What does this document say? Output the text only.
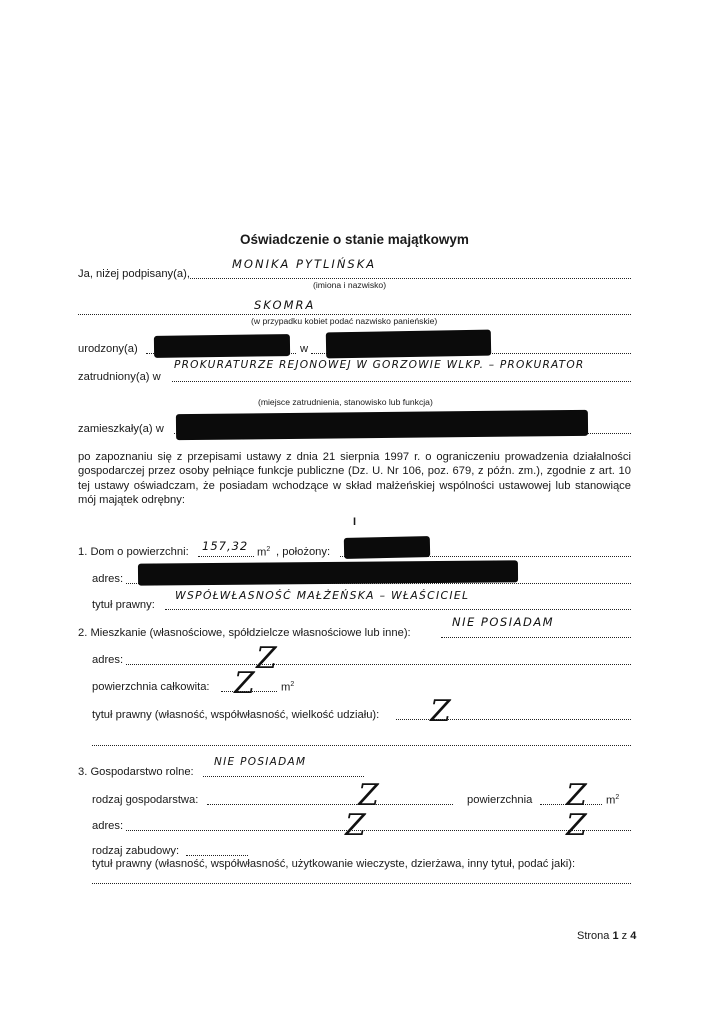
Oświadczenie o stanie majątkowym
Ja, niżej podpisany(a),
MONIKA PYTLIŃSKA
(imiona i nazwisko)
SKOMRA
(w przypadku kobiet podać nazwisko panieńskie)
urodzony(a)	w
zatrudniony(a) w
PROKURATURZE REJONOWEJ W GORZOWIE WLKP. – PROKURATOR
(miejsce zatrudnienia, stanowisko lub funkcja)
zamieszkały(a) w
po zapoznaniu się z przepisami ustawy z dnia 21 sierpnia 1997 r. o ograniczeniu prowadzenia działalności gospodarczej przez osoby pełniące funkcje publiczne (Dz. U. Nr 106, poz. 679, z późn. zm.), zgodnie z art. 10 tej ustawy oświadczam, że posiadam wchodzące w skład małżeńskiej wspólności ustawowej lub stanowiące mój majątek odrębny:
I
1. Dom o powierzchni: 157,32 $m^2$ , położony:
adres:
tytuł prawny:
WSPÓŁWŁASNOŚĆ MAŁŻEŃSKA – WŁAŚCICIEL
2. Mieszkanie (własnościowe, spółdzielcze własnościowe lub inne):
NIE POSIADAM
adres:	Z
powierzchnia całkowita: Z $m^2$
tytuł prawny (własność, współwłasność, wielkość udziału): Z
3. Gospodarstwo rolne:
NIE POSIADAM
rodzaj gospodarstwa:	Z	powierzchnia Z $m^2$
adres:	Z	Z
rodzaj zabudowy:
tytuł prawny (własność, współwłasność, użytkowanie wieczyste, dzierżawa, inny tytuł, podać jaki):
Strona 1 z 4
